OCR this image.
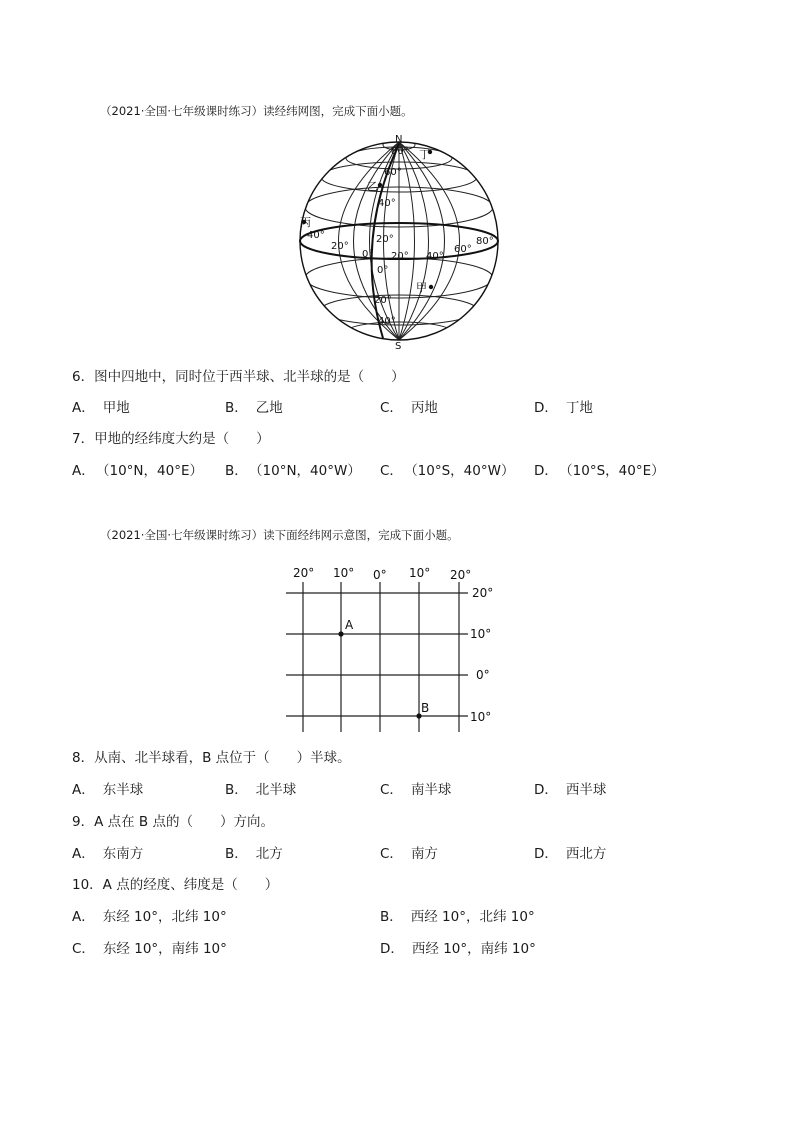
（2021·全国·七年级课时练习）读经纬网图，完成下面小题。
N
S
80° 丁
60°
乙
40°
丙
40°	20°
20°
0° 20° 40°
60°
80°
0°
甲
20°
40°
6．图中四地中，同时位于西半球、北半球的是（　　）
A． 甲地	B． 乙地	C． 丙地	D． 丁地
7．甲地的经纬度大约是（　　）
A． （10°N，40°E） B． （10°N，40°W） C． （10°S，40°W） D． （10°S，40°E）
（2021·全国·七年级课时练习）读下面经纬网示意图，完成下面小题。
20° 10° 0° 10° 20°
20°
10°
0°
10°
A
B
8．从南、北半球看，B 点位于（　　）半球。
A． 东半球	B． 北半球	C． 南半球	D． 西半球
9．A 点在 B 点的（　　）方向。
A． 东南方	B． 北方	C． 南方	D． 西北方
10．A 点的经度、纬度是（　　）
A． 东经 10°，北纬 10°	B． 西经 10°，北纬 10°
C． 东经 10°，南纬 10°	D． 西经 10°，南纬 10°
